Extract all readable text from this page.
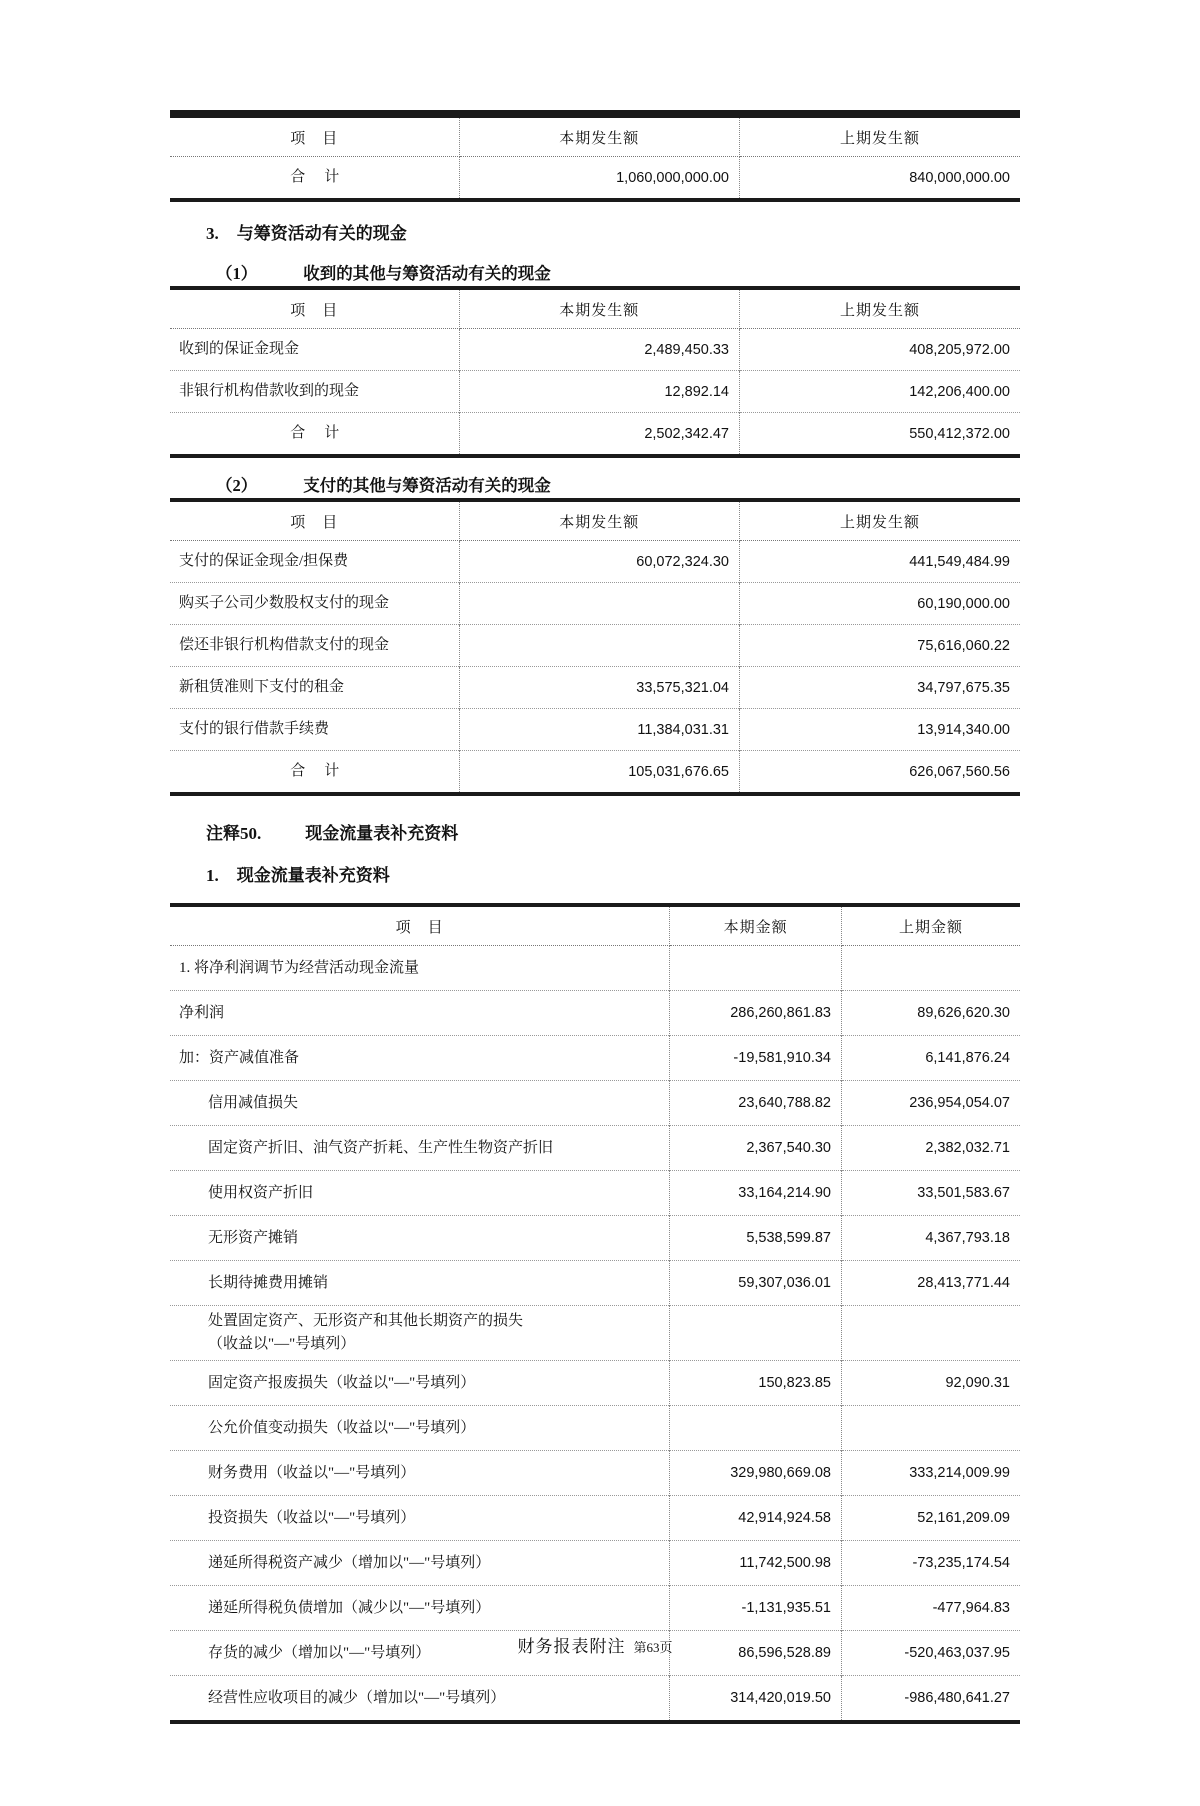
项　目	本期发生额	上期发生额
合　计	1,060,000,000.00	840,000,000.00
3. 与筹资活动有关的现金
（1）	收到的其他与筹资活动有关的现金
项　目	本期发生额	上期发生额
收到的保证金现金	2,489,450.33	408,205,972.00
非银行机构借款收到的现金	12,892.14	142,206,400.00
合　计	2,502,342.47	550,412,372.00
（2）	支付的其他与筹资活动有关的现金
项　目	本期发生额	上期发生额
支付的保证金现金/担保费	60,072,324.30	441,549,484.99
购买子公司少数股权支付的现金		60,190,000.00
偿还非银行机构借款支付的现金		75,616,060.22
新租赁准则下支付的租金	33,575,321.04	34,797,675.35
支付的银行借款手续费	11,384,031.31	13,914,340.00
合　计	105,031,676.65	626,067,560.56
注释50.	现金流量表补充资料
1. 现金流量表补充资料
项　目	本期金额	上期金额
1. 将净利润调节为经营活动现金流量		
净利润	286,260,861.83	89,626,620.30
加：资产减值准备	-19,581,910.34	6,141,876.24
信用减值损失	23,640,788.82	236,954,054.07
固定资产折旧、油气资产折耗、生产性生物资产折旧	2,367,540.30	2,382,032.71
使用权资产折旧	33,164,214.90	33,501,583.67
无形资产摊销	5,538,599.87	4,367,793.18
长期待摊费用摊销	59,307,036.01	28,413,771.44

处置固定资产、无形资产和其他长期资产的损失
（收益以"—"号填列）		

固定资产报废损失（收益以"—"号填列）	150,823.85	92,090.31
公允价值变动损失（收益以"—"号填列）		
财务费用（收益以"—"号填列）	329,980,669.08	333,214,009.99
投资损失（收益以"—"号填列）	42,914,924.58	52,161,209.09
递延所得税资产减少（增加以"—"号填列）	11,742,500.98	-73,235,174.54
递延所得税负债增加（减少以"—"号填列）	-1,131,935.51	-477,964.83
存货的减少（增加以"—"号填列）	86,596,528.89	-520,463,037.95
经营性应收项目的减少（增加以"—"号填列）	314,420,019.50	-986,480,641.27
财务报表附注 第63页
